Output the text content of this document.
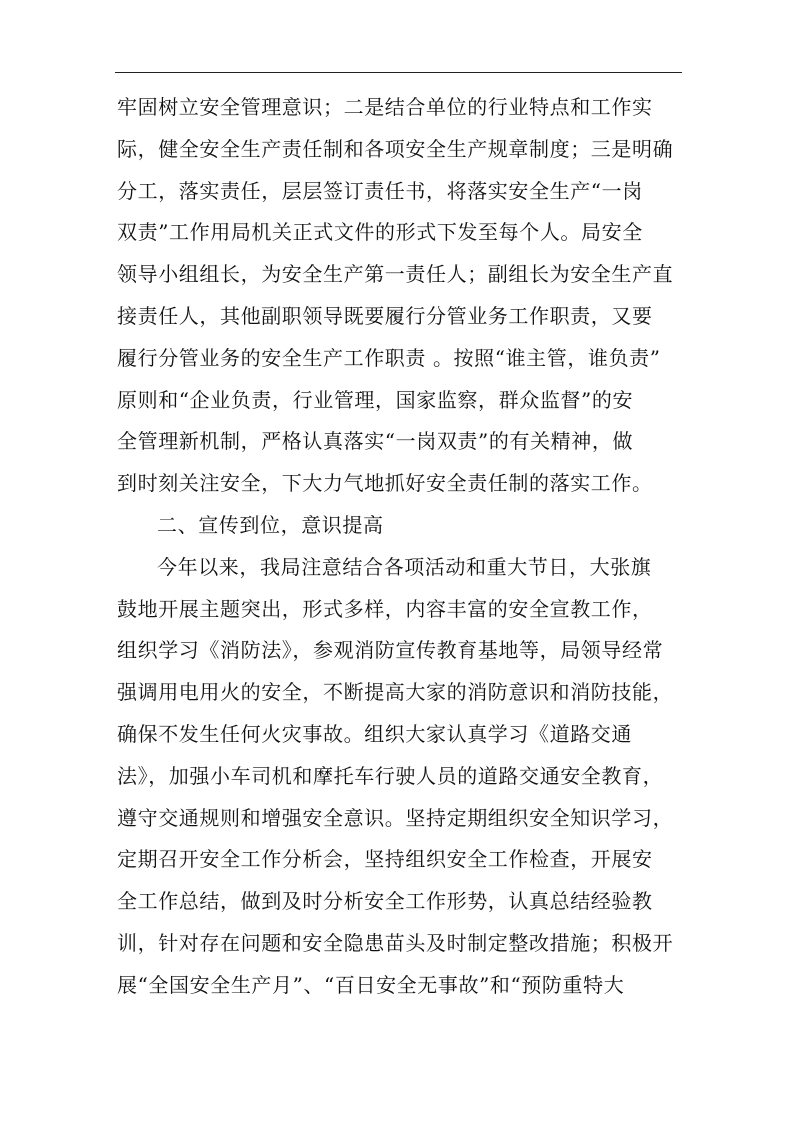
牢固树立安全管理意识；二是结合单位的行业特点和工作实
际，健全安全生产责任制和各项安全生产规章制度；三是明确
分工，落实责任，层层签订责任书，将落实安全生产“一岗
双责”工作用局机关正式文件的形式下发至每个人。局安全
领导小组组长，为安全生产第一责任人；副组长为安全生产直
接责任人，其他副职领导既要履行分管业务工作职责，又要
履行分管业务的安全生产工作职责 。按照“谁主管，谁负责”
原则和“企业负责，行业管理，国家监察，群众监督”的安
全管理新机制，严格认真落实“一岗双责”的有关精神，做
到时刻关注安全，下大力气地抓好安全责任制的落实工作。
二、宣传到位，意识提高
今年以来，我局注意结合各项活动和重大节日，大张旗
鼓地开展主题突出，形式多样，内容丰富的安全宣教工作，
组织学习《消防法》，参观消防宣传教育基地等，局领导经常
强调用电用火的安全，不断提高大家的消防意识和消防技能，
确保不发生任何火灾事故。组织大家认真学习《道路交通
法》，加强小车司机和摩托车行驶人员的道路交通安全教育，
遵守交通规则和增强安全意识。坚持定期组织安全知识学习，
定期召开安全工作分析会，坚持组织安全工作检查，开展安
全工作总结，做到及时分析安全工作形势，认真总结经验教
训，针对存在问题和安全隐患苗头及时制定整改措施；积极开
展“全国安全生产月”、“百日安全无事故”和“预防重特大
